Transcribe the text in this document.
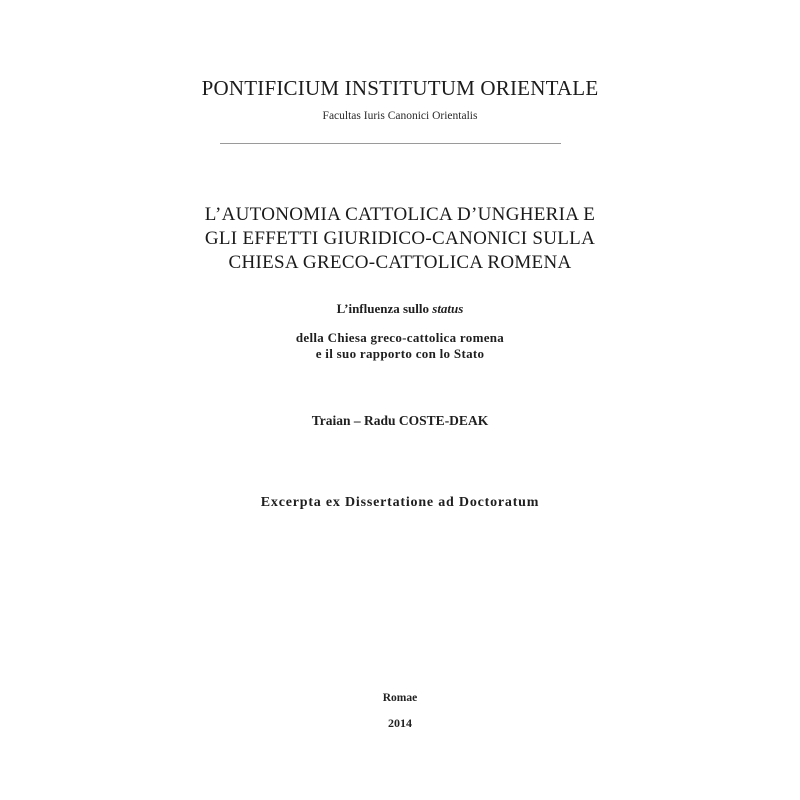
PONTIFICIUM INSTITUTUM ORIENTALE
Facultas Iuris Canonici Orientalis
L’AUTONOMIA CATTOLICA D’UNGHERIA E
GLI EFFETTI GIURIDICO-CANONICI SULLA
CHIESA GRECO-CATTOLICA ROMENA
L’influenza sullo status
della Chiesa greco-cattolica romena
e il suo rapporto con lo Stato
Traian – Radu COSTE-DEAK
Excerpta ex Dissertatione ad Doctoratum
Romae
2014
